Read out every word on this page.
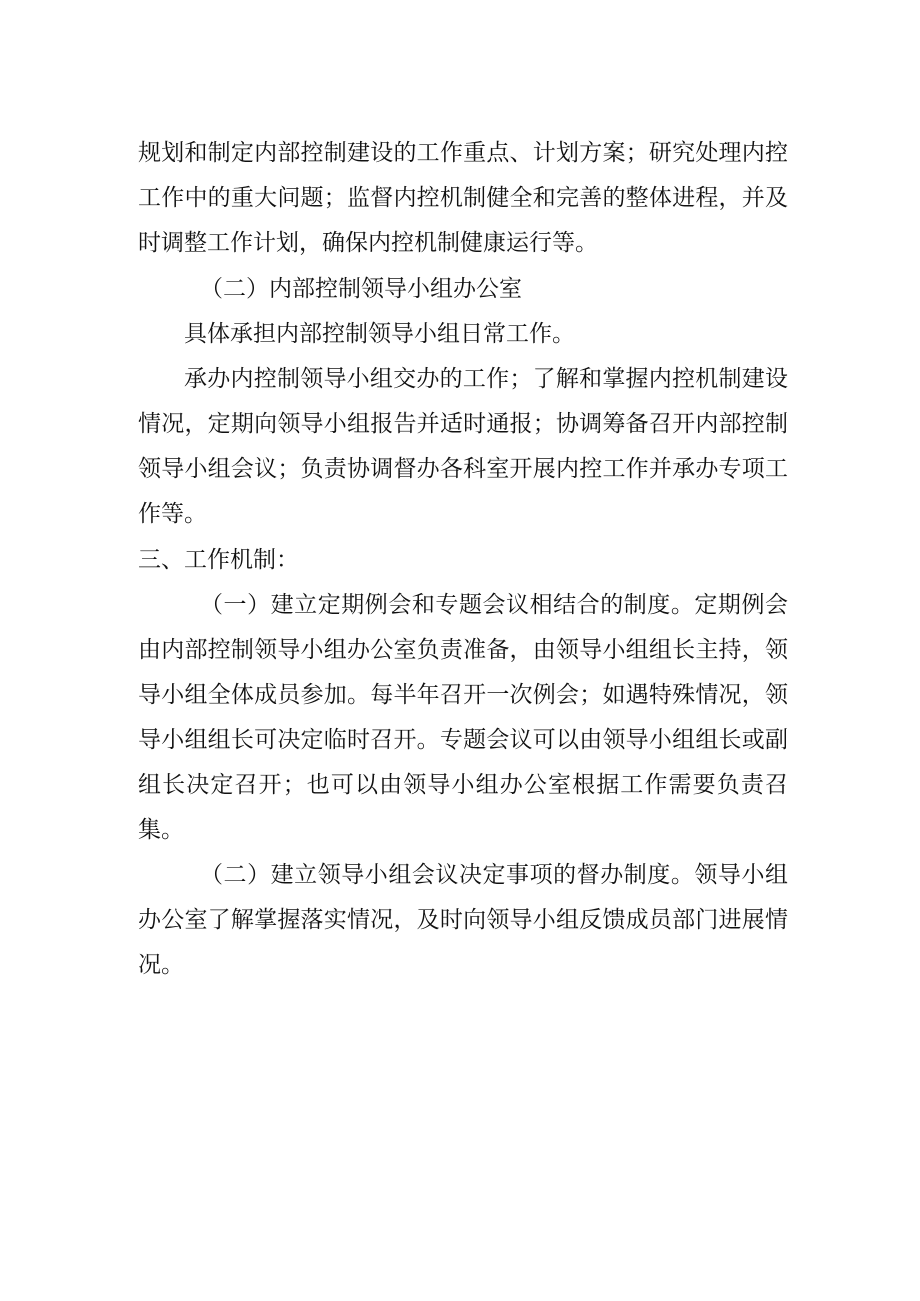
规划和制定内部控制建设的工作重点、计划方案；研究处理内控工作中的重大问题；监督内控机制健全和完善的整体进程，并及时调整工作计划，确保内控机制健康运行等。

（二）内部控制领导小组办公室

具体承担内部控制领导小组日常工作。

承办内控制领导小组交办的工作；了解和掌握内控机制建设情况，定期向领导小组报告并适时通报；协调筹备召开内部控制领导小组会议；负责协调督办各科室开展内控工作并承办专项工作等。

三、工作机制：

（一）建立定期例会和专题会议相结合的制度。定期例会由内部控制领导小组办公室负责准备，由领导小组组长主持，领导小组全体成员参加。每半年召开一次例会；如遇特殊情况，领导小组组长可决定临时召开。专题会议可以由领导小组组长或副组长决定召开；也可以由领导小组办公室根据工作需要负责召集。

（二）建立领导小组会议决定事项的督办制度。领导小组办公室了解掌握落实情况，及时向领导小组反馈成员部门进展情况。
